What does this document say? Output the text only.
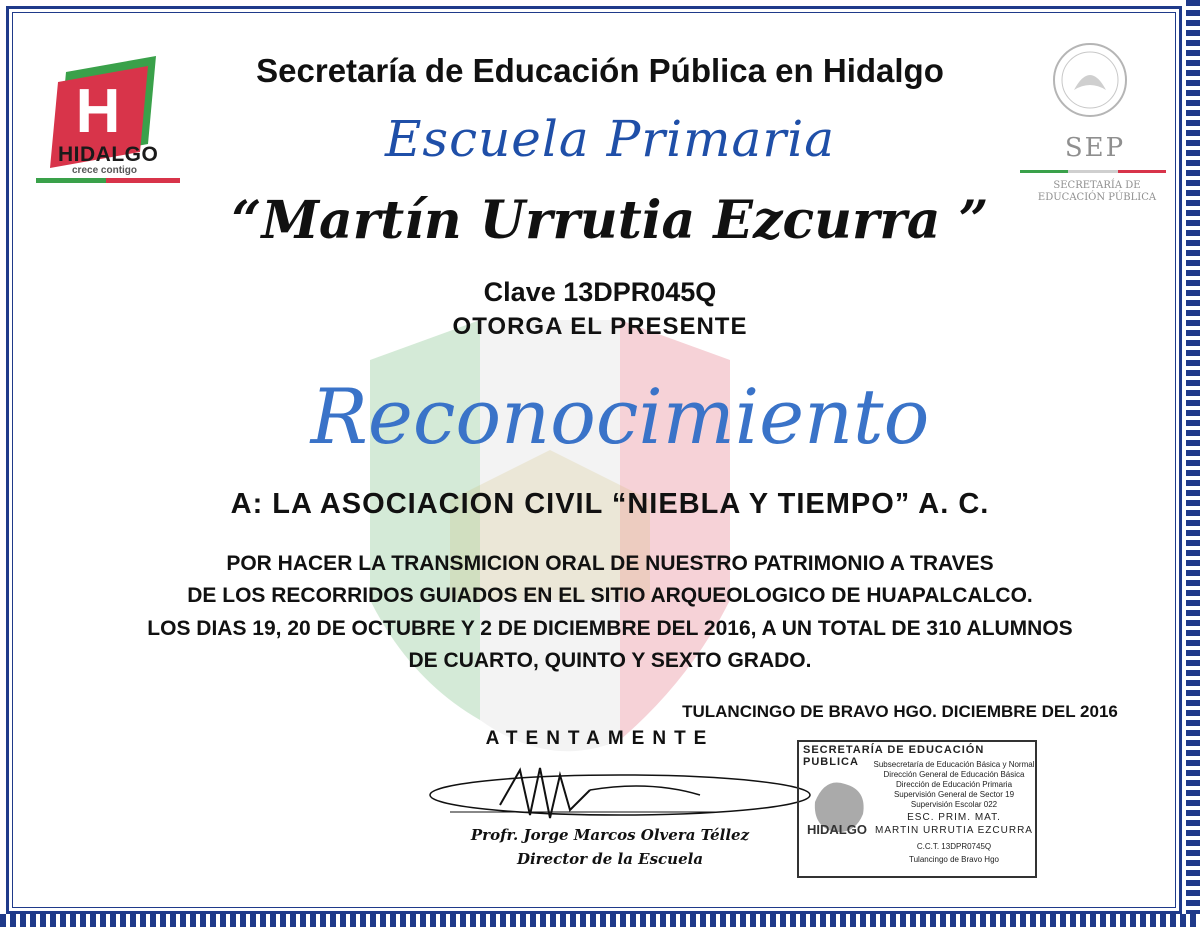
H
HIDALGO
crece contigo
SEP
SECRETARÍA DE
EDUCACIÓN PÚBLICA
Secretaría de Educación Pública en Hidalgo
Escuela Primaria
“Martín Urrutia Ezcurra ”
Clave 13DPR045Q
OTORGA EL PRESENTE
Reconocimiento
A: LA ASOCIACION CIVIL “NIEBLA Y TIEMPO” A. C.
POR HACER LA TRANSMICION ORAL DE NUESTRO PATRIMONIO A TRAVES
DE LOS RECORRIDOS GUIADOS EN EL SITIO ARQUEOLOGICO DE HUAPALCALCO.
LOS DIAS 19, 20 DE OCTUBRE Y 2 DE DICIEMBRE DEL 2016, A UN TOTAL DE 310 ALUMNOS
DE CUARTO, QUINTO Y SEXTO GRADO.
TULANCINGO DE BRAVO HGO. DICIEMBRE DEL 2016
ATENTAMENTE
Profr. Jorge Marcos Olvera Téllez
Director de la Escuela
SECRETARÍA DE EDUCACIÓN PUBLICA	Subsecretaría de Educación Básica y Normal
Dirección General de Educación Básica
Dirección de Educación Primaria
Supervisión General de Sector 19
Supervisión Escolar 022
ESC. PRIM. MAT.
MARTIN URRUTIA EZCURRA
C.C.T. 13DPR0745Q
Tulancingo de Bravo Hgo
HIDALGO
